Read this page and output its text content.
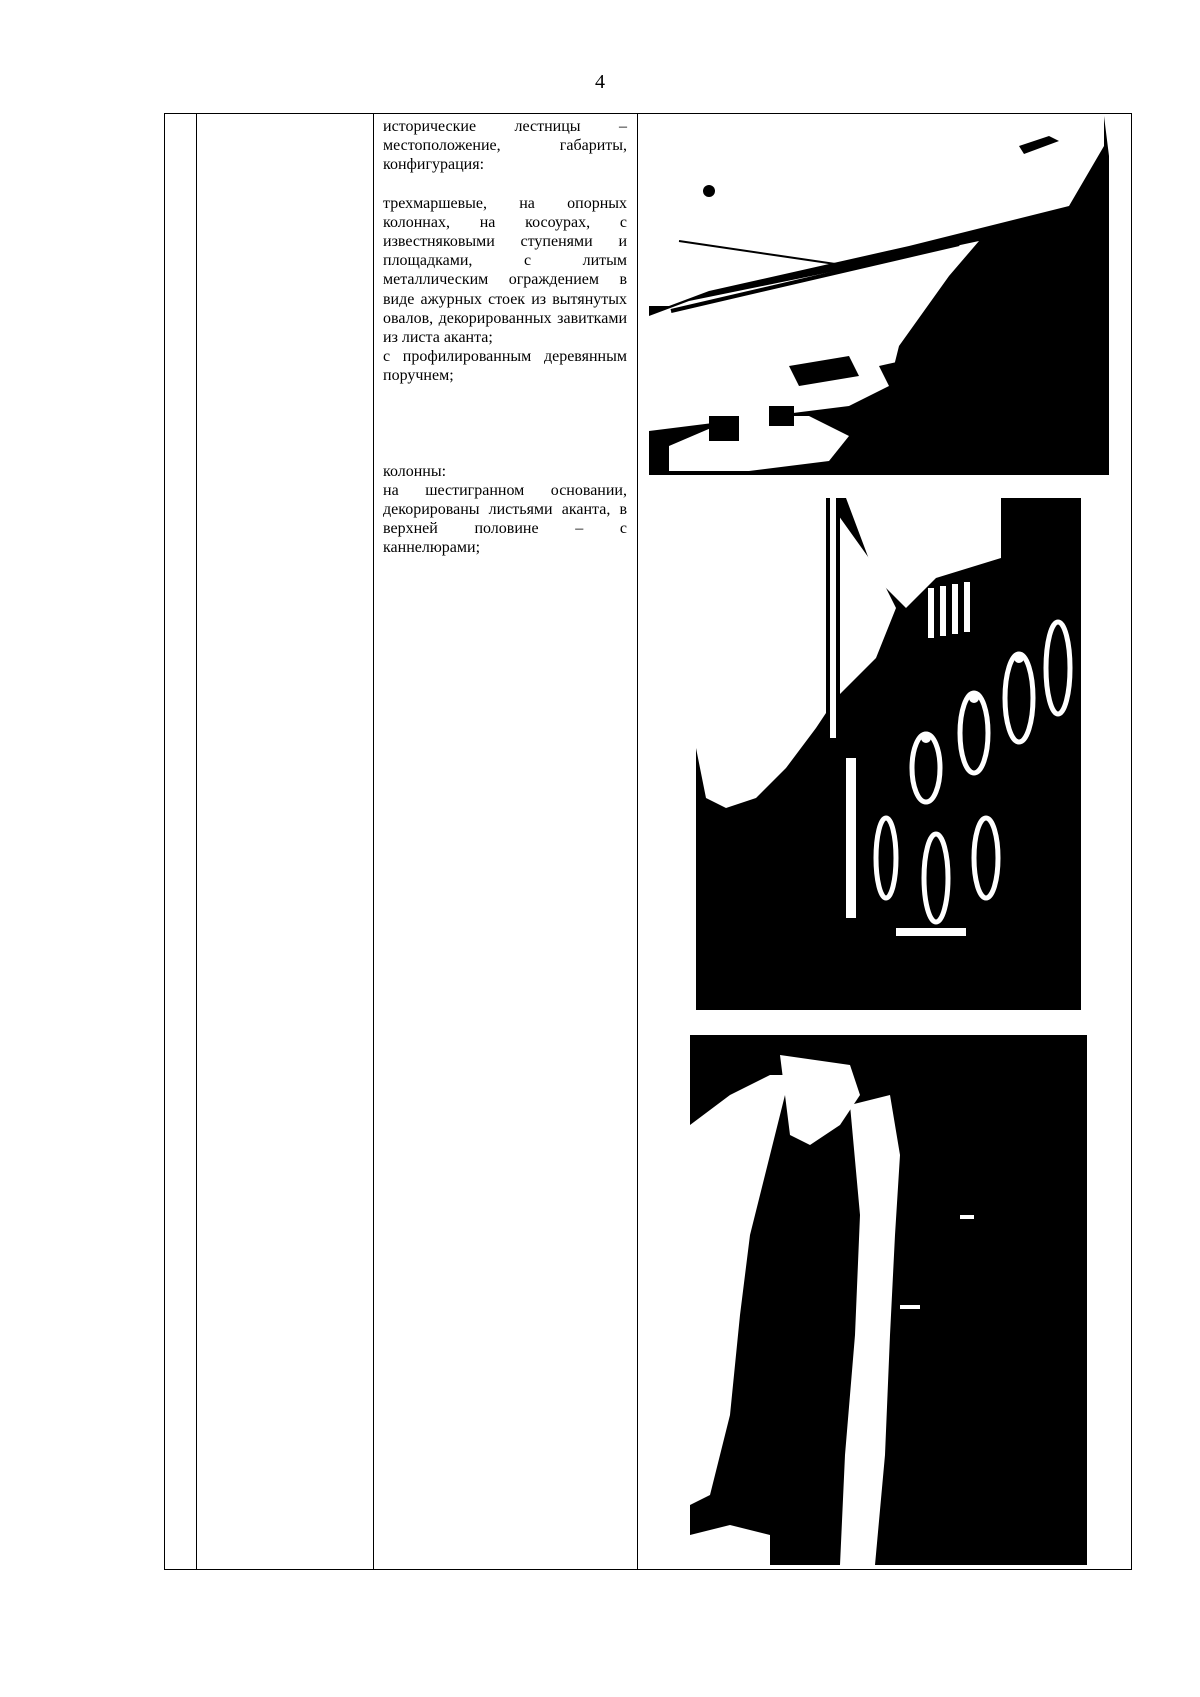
4

исторические лестницы – местоположение, габариты, конфигурация:

трехмаршевые, на опорных колоннах, на косоурах, с известняковыми ступенями и площадками, с литым металлическим ограждением в виде ажурных стоек из вытянутых овалов, декорированных завитками из листа аканта;

с профилированным деревянным поручнем;

колонны:

на шестигранном основании, декорированы листьями аканта, в верхней половине – с каннелюрами;
